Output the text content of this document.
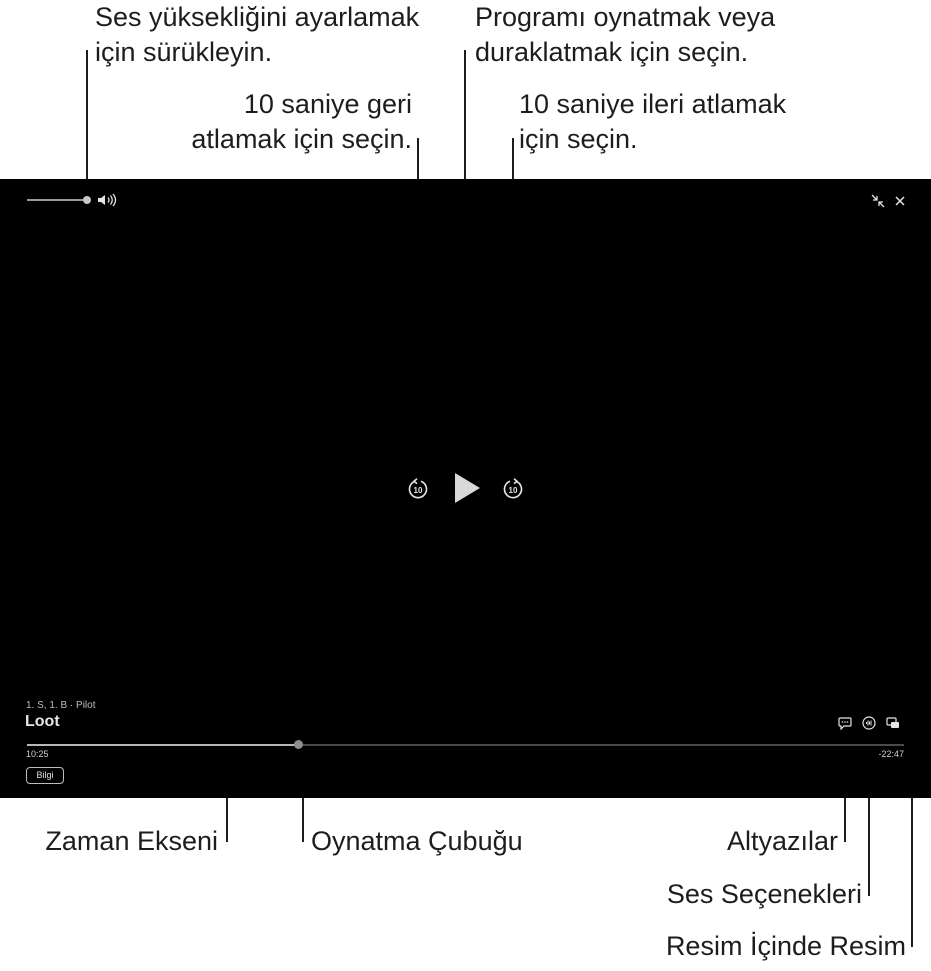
Ses yüksekliğini ayarlamak
için sürükleyin.
Programı oynatmak veya
duraklatmak için seçin.
10 saniye geri
atlamak için seçin.
10 saniye ileri atlamak
için seçin.
Zaman Ekseni	Oynatma Çubuğu	Altyazılar
Ses Seçenekleri
Resim İçinde Resim
10	10
1. S, 1. B · Pilot
Loot
10:25	-22:47
Bilgi
